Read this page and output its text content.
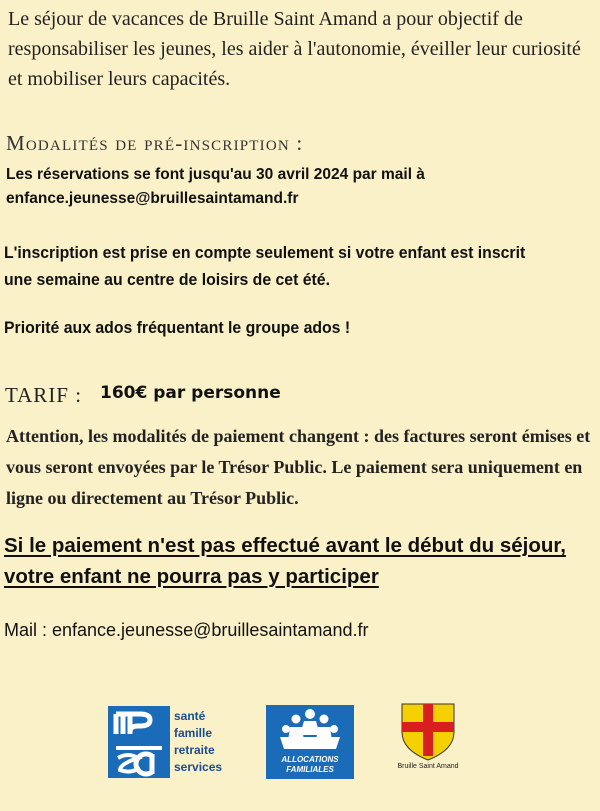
Le séjour de vacances de Bruille Saint Amand a pour objectif de responsabiliser les jeunes, les aider à l'autonomie, éveiller leur curiosité et mobiliser leurs capacités.

Modalités de pré-inscription :
Les réservations se font jusqu'au 30 avril 2024 par mail à
enfance.jeunesse@bruillesaintamand.fr

L'inscription est prise en compte seulement si votre enfant est inscrit une semaine au centre de loisirs de cet été.

Priorité aux ados fréquentant le groupe ados !
TARIF : 160€ par personne

Attention, les modalités de paiement changent : des factures seront émises et vous seront envoyées par le Trésor Public. Le paiement sera uniquement en ligne ou directement au Trésor Public.

Si le paiement n'est pas effectué avant le début du séjour, votre enfant ne pourra pas y participer

Mail : enfance.jeunesse@bruillesaintamand.fr
santé
famille
retraite
services
ALLOCATIONS
FAMILIALES	Bruille Saint Amand
